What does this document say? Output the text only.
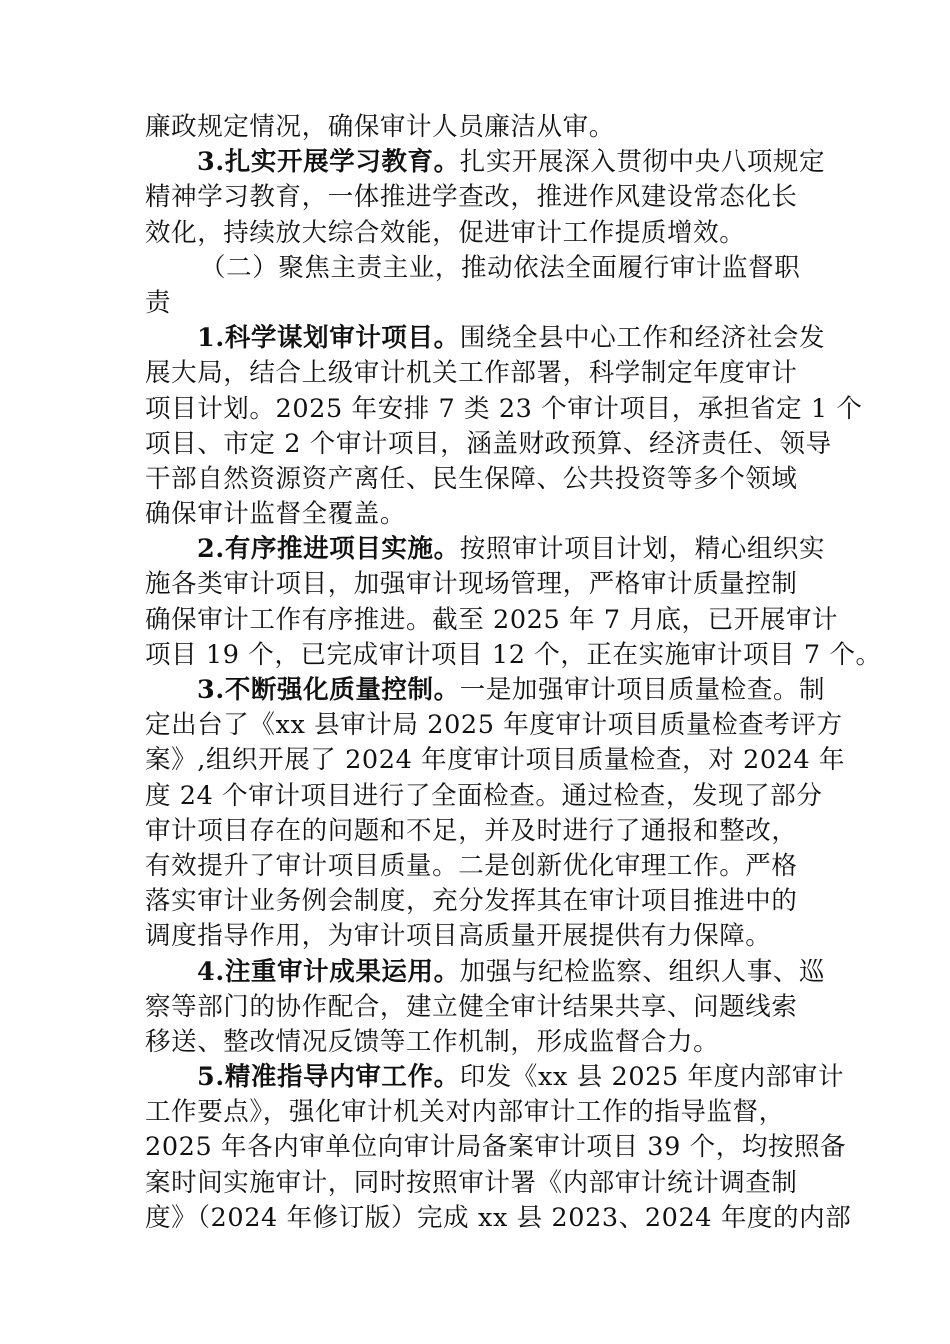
廉政规定情况，确保审计人员廉洁从审。
3.扎实开展学习教育。扎实开展深入贯彻中央八项规定
精神学习教育，一体推进学查改，推进作风建设常态化长
效化，持续放大综合效能，促进审计工作提质增效。
（二）聚焦主责主业，推动依法全面履行审计监督职
责
1.科学谋划审计项目。围绕全县中心工作和经济社会发
展大局，结合上级审计机关工作部署，科学制定年度审计
项目计划。2025 年安排 7 类 23 个审计项目，承担省定 1 个
项目、市定 2 个审计项目，涵盖财政预算、经济责任、领导
干部自然资源资产离任、民生保障、公共投资等多个领域
确保审计监督全覆盖。
2.有序推进项目实施。按照审计项目计划，精心组织实
施各类审计项目，加强审计现场管理，严格审计质量控制
确保审计工作有序推进。截至 2025 年 7 月底，已开展审计
项目 19 个，已完成审计项目 12 个，正在实施审计项目 7 个。
3.不断强化质量控制。一是加强审计项目质量检查。制
定出台了《xx 县审计局 2025 年度审计项目质量检查考评方
案》,组织开展了 2024 年度审计项目质量检查，对 2024 年
度 24 个审计项目进行了全面检查。通过检查，发现了部分
审计项目存在的问题和不足，并及时进行了通报和整改，
有效提升了审计项目质量。二是创新优化审理工作。严格
落实审计业务例会制度，充分发挥其在审计项目推进中的
调度指导作用，为审计项目高质量开展提供有力保障。
4.注重审计成果运用。加强与纪检监察、组织人事、巡
察等部门的协作配合，建立健全审计结果共享、问题线索
移送、整改情况反馈等工作机制，形成监督合力。
5.精准指导内审工作。印发《xx 县 2025 年度内部审计
工作要点》，强化审计机关对内部审计工作的指导监督，
2025 年各内审单位向审计局备案审计项目 39 个，均按照备
案时间实施审计，同时按照审计署《内部审计统计调查制
度》（2024 年修订版）完成 xx 县 2023、2024 年度的内部
